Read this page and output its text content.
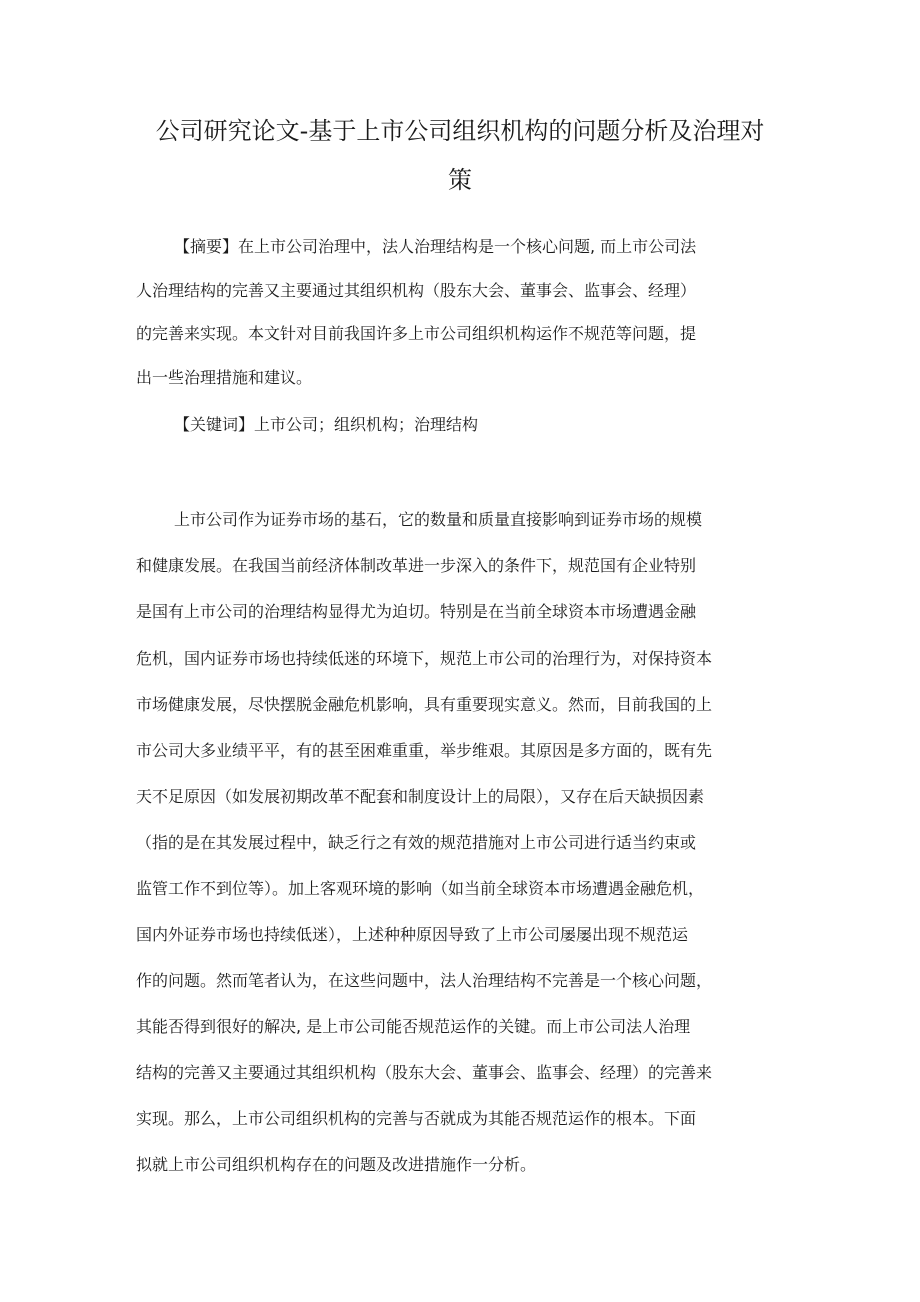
公司研究论文-基于上市公司组织机构的问题分析及治理对
策
【摘要】在上市公司治理中，法人治理结构是一个核心问题, 而上市公司法
人治理结构的完善又主要通过其组织机构（股东大会、董事会、监事会、经理）
的完善来实现。本文针对目前我国许多上市公司组织机构运作不规范等问题，提
出一些治理措施和建议。
【关键词】上市公司；组织机构；治理结构
上市公司作为证券市场的基石，它的数量和质量直接影响到证券市场的规模
和健康发展。在我国当前经济体制改革进一步深入的条件下，规范国有企业特别
是国有上市公司的治理结构显得尤为迫切。特别是在当前全球资本市场遭遇金融
危机，国内证券市场也持续低迷的环境下，规范上市公司的治理行为，对保持资本
市场健康发展，尽快摆脱金融危机影响，具有重要现实意义。然而，目前我国的上
市公司大多业绩平平，有的甚至困难重重，举步维艰。其原因是多方面的，既有先
天不足原因（如发展初期改革不配套和制度设计上的局限），又存在后天缺损因素
（指的是在其发展过程中，缺乏行之有效的规范措施对上市公司进行适当约束或
监管工作不到位等）。加上客观环境的影响（如当前全球资本市场遭遇金融危机，
国内外证券市场也持续低迷），上述种种原因导致了上市公司屡屡出现不规范运
作的问题。然而笔者认为，在这些问题中，法人治理结构不完善是一个核心问题，
其能否得到很好的解决, 是上市公司能否规范运作的关键。而上市公司法人治理
结构的完善又主要通过其组织机构（股东大会、董事会、监事会、经理）的完善来
实现。那么，上市公司组织机构的完善与否就成为其能否规范运作的根本。下面
拟就上市公司组织机构存在的问题及改进措施作一分析。
